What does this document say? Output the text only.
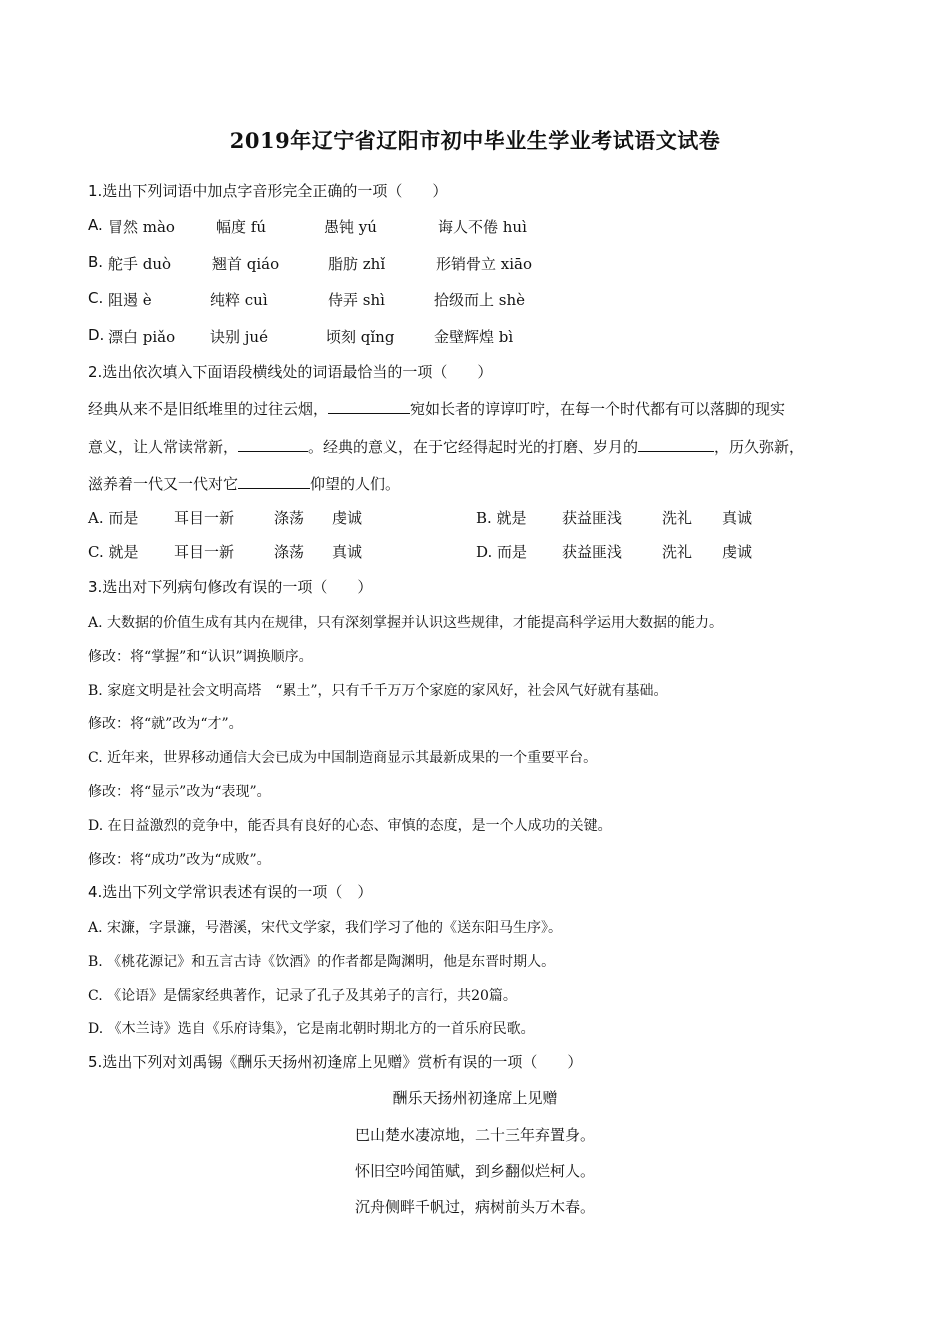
2019年辽宁省辽阳市初中毕业生学业考试语文试卷
1.选出下列词语中加点字音形完全正确的一项（　　）
A. 冒然 mào	幅度 fú	愚钝 yú	诲人不倦 huì
B. 舵手 duò	翘首 qiáo	脂肪 zhǐ	形销骨立 xiāo
C. 阻遏 è	纯粹 cuì	侍弄 shì	拾级而上 shè
D. 漂白 piǎo 诀别 jué	顷刻 qǐng	金壁辉煌 bì
2.选出依次填入下面语段横线处的词语最恰当的一项（　　）
经典从来不是旧纸堆里的过往云烟，	宛如长者的谆谆叮咛，在每一个时代都有可以落脚的现实
意义，让人常读常新，	。经典的意义，在于它经得起时光的打磨、岁月的	，历久弥新，
滋养着一代又一代对它	仰望的人们。
A. 而是 耳目一新	涤荡 虔诚	B. 就是 获益匪浅	洗礼 真诚
C. 就是 耳目一新	涤荡 真诚	D. 而是 获益匪浅	洗礼 虔诚
3.选出对下列病句修改有误的一项（　　）
A. 大数据的价值生成有其内在规律，只有深刻掌握并认识这些规律，才能提高科学运用大数据的能力。
修改：将“掌握”和“认识”调换顺序。
B. 家庭文明是社会文明高塔　“累土”，只有千千万万个家庭的家风好，社会风气好就有基础。
修改：将“就”改为“才”。
C. 近年来，世界移动通信大会已成为中国制造商显示其最新成果的一个重要平台。
修改：将“显示”改为“表现”。
D. 在日益激烈的竞争中，能否具有良好的心态、审慎的态度，是一个人成功的关键。
修改：将“成功”改为“成败”。
4.选出下列文学常识表述有误的一项（　）
A. 宋濂，字景濂，号潜溪，宋代文学家，我们学习了他的《送东阳马生序》。
B. 《桃花源记》和五言古诗《饮酒》的作者都是陶渊明，他是东晋时期人。
C. 《论语》是儒家经典著作，记录了孔子及其弟子的言行，共20篇。
D. 《木兰诗》选自《乐府诗集》，它是南北朝时期北方的一首乐府民歌。
5.选出下列对刘禹锡《酬乐天扬州初逢席上见赠》赏析有误的一项（　　）
酬乐天扬州初逢席上见赠
巴山楚水凄凉地，二十三年弃置身。
怀旧空吟闻笛赋，到乡翻似烂柯人。
沉舟侧畔千帆过，病树前头万木春。
